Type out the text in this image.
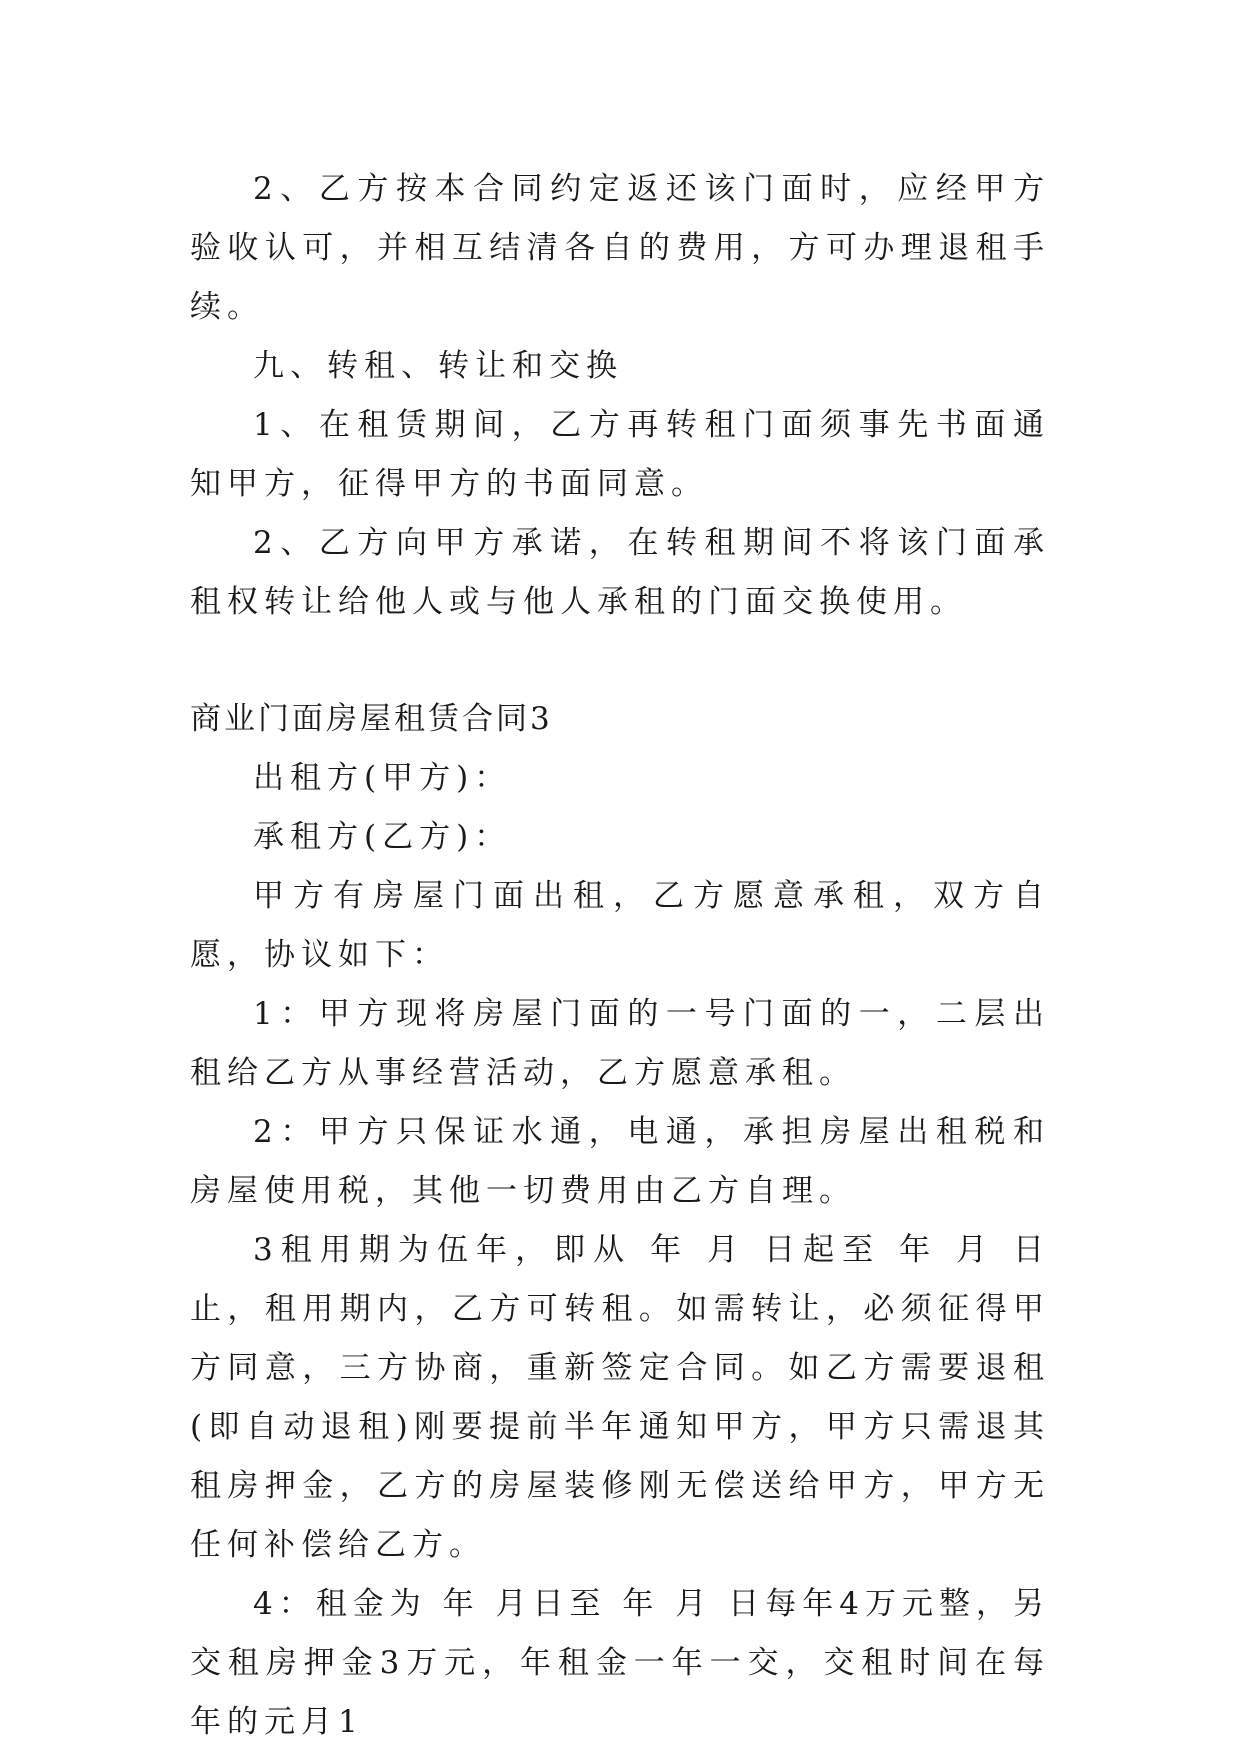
2、乙方按本合同约定返还该门面时，应经甲方验收认可，并相互结清各自的费用，方可办理退租手续。

九、转租、转让和交换

1、在租赁期间，乙方再转租门面须事先书面通知甲方，征得甲方的书面同意。

2、乙方向甲方承诺，在转租期间不将该门面承租权转让给他人或与他人承租的门面交换使用。

商业门面房屋租赁合同3

出租方(甲方)：

承租方(乙方)：

甲方有房屋门面出租，乙方愿意承租，双方自愿，协议如下：

1：甲方现将房屋门面的一号门面的一，二层出租给乙方从事经营活动，乙方愿意承租。

2：甲方只保证水通，电通，承担房屋出租税和房屋使用税，其他一切费用由乙方自理。

3租用期为伍年，即从 年 月 日起至 年 月 日止，租用期内，乙方可转租。如需转让，必须征得甲方同意，三方协商，重新签定合同。如乙方需要退租(即自动退租)刚要提前半年通知甲方，甲方只需退其租房押金，乙方的房屋装修刚无偿送给甲方，甲方无任何补偿给乙方。

4：租金为 年 月日至 年 月 日每年4万元整，另交租房押金3万元，年租金一年一交，交租时间在每年的元月1
